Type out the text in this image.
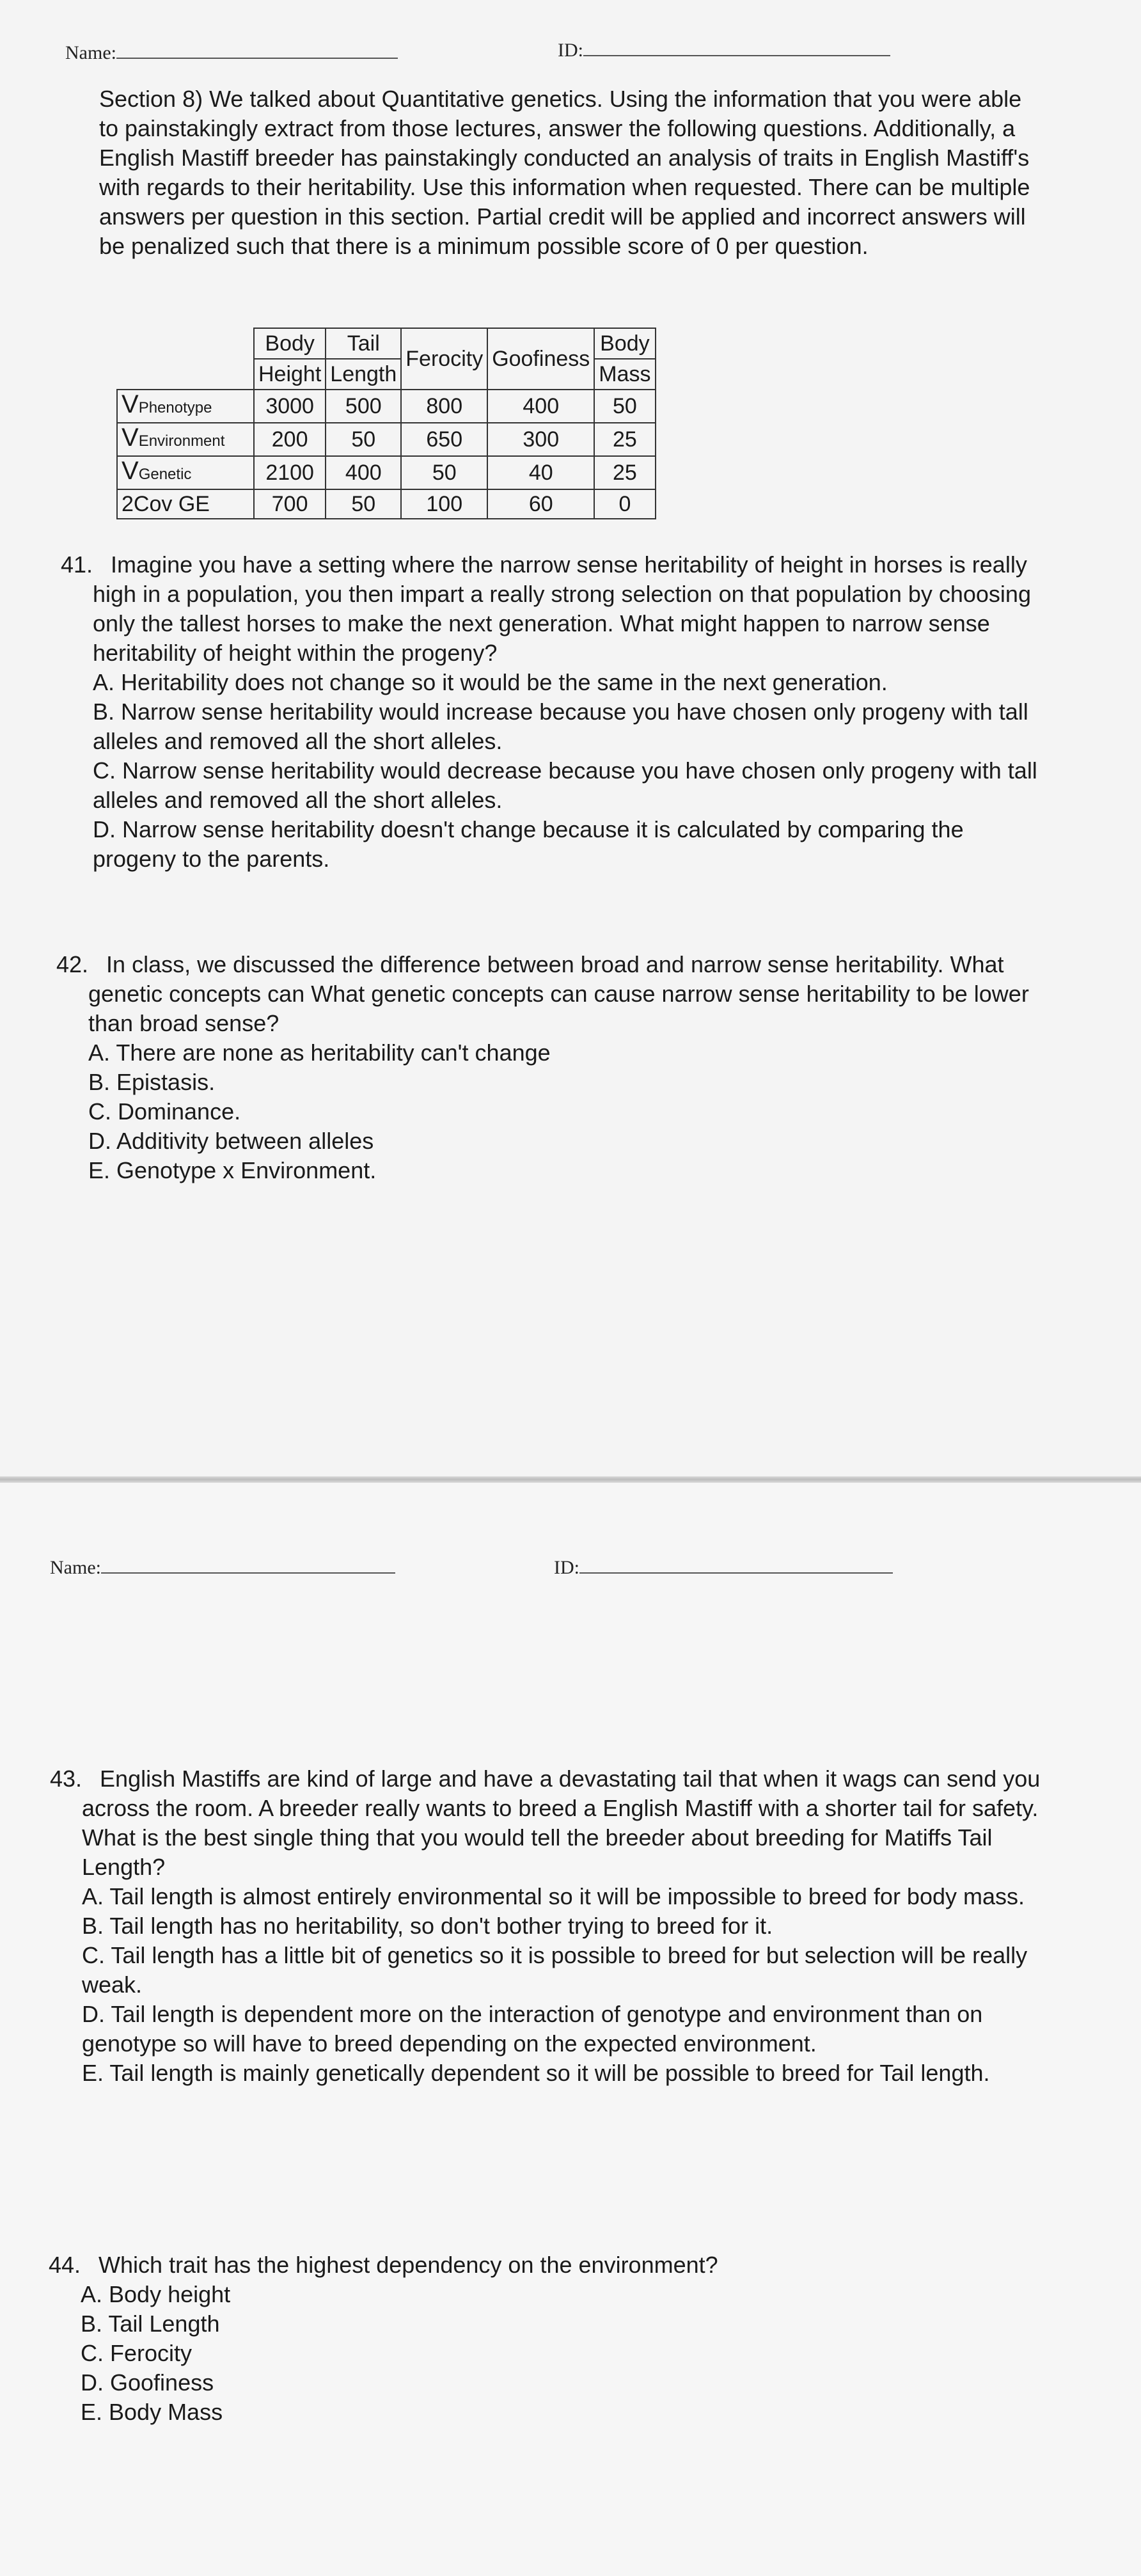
Name:	ID:

Section 8) We talked about Quantitative genetics. Using the information that you were able to painstakingly extract from those lectures, answer the following questions. Additionally, a English Mastiff breeder has painstakingly conducted an analysis of traits in English Mastiff's with regards to their heritability. Use this information when requested. There can be multiple answers per question in this section. Partial credit will be applied and incorrect answers will be penalized such that there is a minimum possible score of 0 per question.

	Body	Tail	Ferocity	Goofiness	Body
	Height	Length			Mass
VPhenotype	3000	500	800	400	50
VEnvironment	200	50	650	300	25
VGenetic	2100	400	50	40	25
2Cov GE	700	50	100	60	0

41. Imagine you have a setting where the narrow sense heritability of height in horses is really high in a population, you then impart a really strong selection on that population by choosing only the tallest horses to make the next generation. What might happen to narrow sense heritability of height within the progeny?

A. Heritability does not change so it would be the same in the next generation.

B. Narrow sense heritability would increase because you have chosen only progeny with tall alleles and removed all the short alleles.

C. Narrow sense heritability would decrease because you have chosen only progeny with tall alleles and removed all the short alleles.

D. Narrow sense heritability doesn't change because it is calculated by comparing the progeny to the parents.

42. In class, we discussed the difference between broad and narrow sense heritability. What genetic concepts can What genetic concepts can cause narrow sense heritability to be lower than broad sense?

A. There are none as heritability can't change

B. Epistasis.

C. Dominance.

D. Additivity between alleles

E. Genotype x Environment.

Name:	ID:

43. English Mastiffs are kind of large and have a devastating tail that when it wags can send you across the room. A breeder really wants to breed a English Mastiff with a shorter tail for safety. What is the best single thing that you would tell the breeder about breeding for Matiffs Tail Length?

A. Tail length is almost entirely environmental so it will be impossible to breed for body mass.

B. Tail length has no heritability, so don't bother trying to breed for it.

C. Tail length has a little bit of genetics so it is possible to breed for but selection will be really weak.

D. Tail length is dependent more on the interaction of genotype and environment than on genotype so will have to breed depending on the expected environment.

E. Tail length is mainly genetically dependent so it will be possible to breed for Tail length.

44. Which trait has the highest dependency on the environment?

A. Body height

B. Tail Length

C. Ferocity

D. Goofiness

E. Body Mass
